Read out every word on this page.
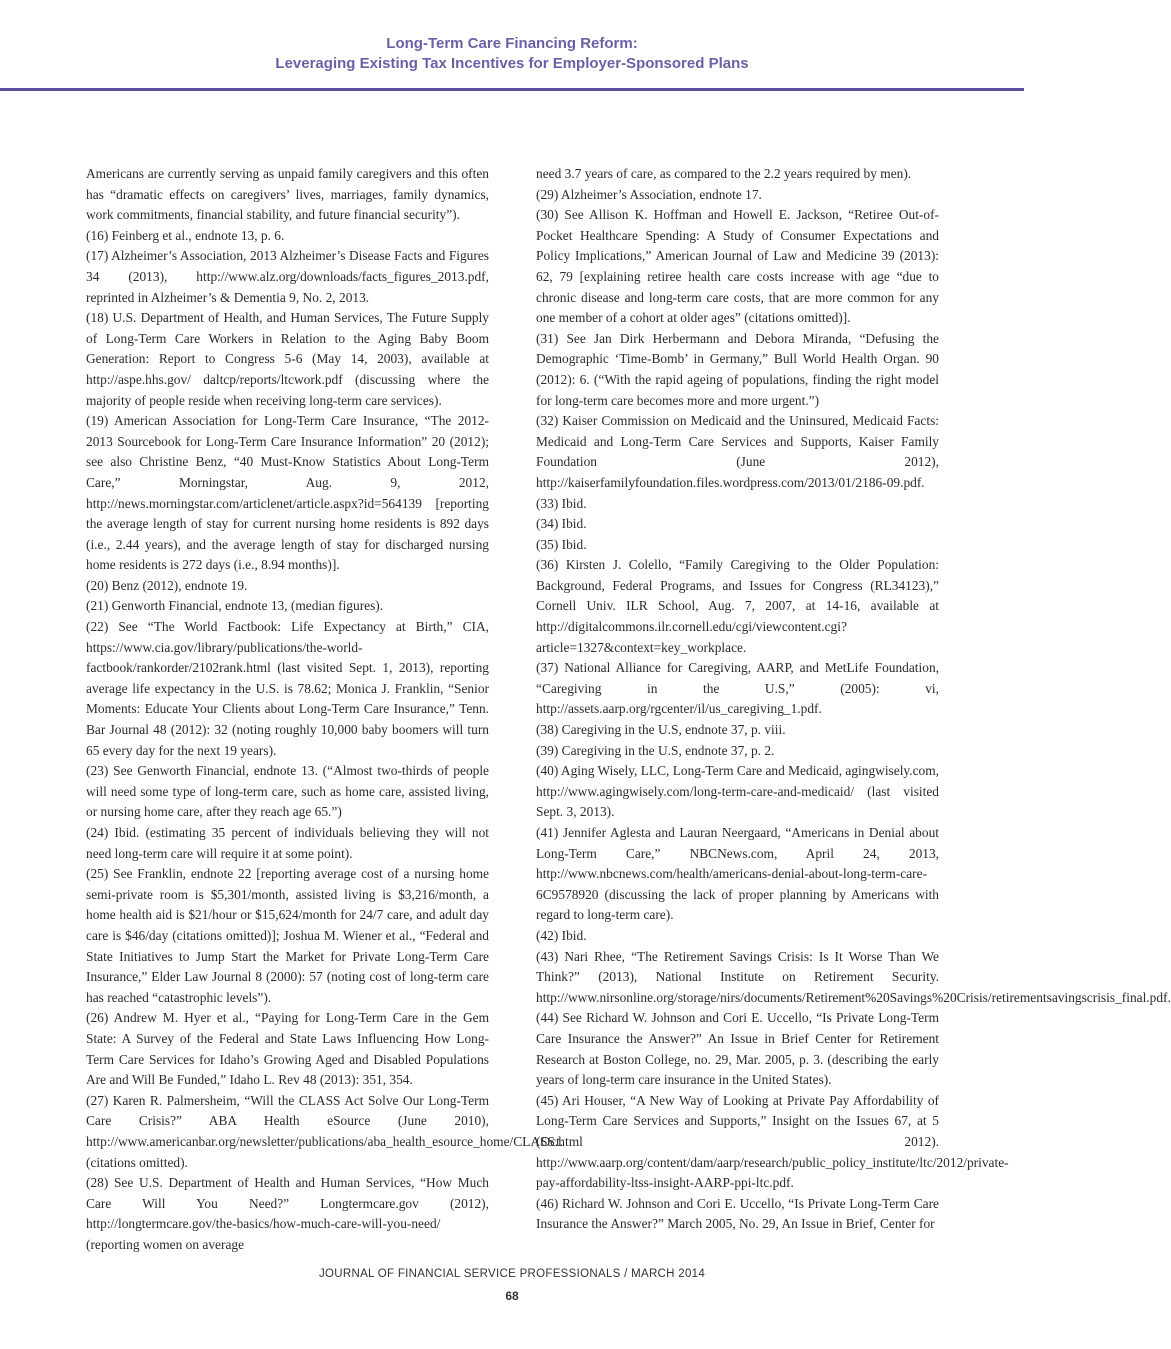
Long-Term Care Financing Reform:
Leveraging Existing Tax Incentives for Employer-Sponsored Plans

Americans are currently serving as unpaid family caregivers and this often has “dramatic effects on caregivers’ lives, marriages, family dynamics, work commitments, financial stability, and future financial security”).

(16) Feinberg et al., endnote 13, p. 6.

(17) Alzheimer’s Association, 2013 Alzheimer’s Disease Facts and Figures 34 (2013), http://www.alz.org/downloads/facts_figures_2013.pdf, reprinted in Alzheimer’s & Dementia 9, No. 2, 2013.

(18) U.S. Department of Health, and Human Services, The Future Supply of Long-Term Care Workers in Relation to the Aging Baby Boom Generation: Report to Congress 5-6 (May 14, 2003), available at http://aspe.hhs.gov/ daltcp/reports/ltcwork.pdf (discussing where the majority of people reside when receiving long-term care services).

(19) American Association for Long-Term Care Insurance, “The 2012-2013 Sourcebook for Long-Term Care Insurance Information” 20 (2012); see also Christine Benz, “40 Must-Know Statistics About Long-Term Care,” Morningstar, Aug. 9, 2012, http://news.morningstar.com/articlenet/article.aspx?id=564139 [reporting the average length of stay for current nursing home residents is 892 days (i.e., 2.44 years), and the average length of stay for discharged nursing home residents is 272 days (i.e., 8.94 months)].

(20) Benz (2012), endnote 19.

(21) Genworth Financial, endnote 13, (median figures).

(22) See “The World Factbook: Life Expectancy at Birth,” CIA, https://www.cia.gov/library/publications/the-world-factbook/rankorder/2102rank.html (last visited Sept. 1, 2013), reporting average life expectancy in the U.S. is 78.62; Monica J. Franklin, “Senior Moments: Educate Your Clients about Long-Term Care Insurance,” Tenn. Bar Journal 48 (2012): 32 (noting roughly 10,000 baby boomers will turn 65 every day for the next 19 years).

(23) See Genworth Financial, endnote 13. (“Almost two-thirds of people will need some type of long-term care, such as home care, assisted living, or nursing home care, after they reach age 65.”)

(24) Ibid. (estimating 35 percent of individuals believing they will not need long-term care will require it at some point).

(25) See Franklin, endnote 22 [reporting average cost of a nursing home semi-private room is $5,301/month, assisted living is $3,216/month, a home health aid is $21/hour or $15,624/month for 24/7 care, and adult day care is $46/day (citations omitted)]; Joshua M. Wiener et al., “Federal and State Initiatives to Jump Start the Market for Private Long-Term Care Insurance,” Elder Law Journal 8 (2000): 57 (noting cost of long-term care has reached “catastrophic levels”).

(26) Andrew M. Hyer et al., “Paying for Long-Term Care in the Gem State: A Survey of the Federal and State Laws Influencing How Long-Term Care Services for Idaho’s Growing Aged and Disabled Populations Are and Will Be Funded,” Idaho L. Rev 48 (2013): 351, 354.

(27) Karen R. Palmersheim, “Will the CLASS Act Solve Our Long-Term Care Crisis?” ABA Health eSource (June 2010), http://www.americanbar.org/newsletter/publications/aba_health_esource_home/CLASS.html (citations omitted).

(28) See U.S. Department of Health and Human Services, “How Much Care Will You Need?” Longtermcare.gov (2012), http://longtermcare.gov/the-basics/how-much-care-will-you-need/ (reporting women on average

need 3.7 years of care, as compared to the 2.2 years required by men).

(29) Alzheimer’s Association, endnote 17.

(30) See Allison K. Hoffman and Howell E. Jackson, “Retiree Out-of-Pocket Healthcare Spending: A Study of Consumer Expectations and Policy Implications,” American Journal of Law and Medicine 39 (2013): 62, 79 [explaining retiree health care costs increase with age “due to chronic disease and long-term care costs, that are more common for any one member of a cohort at older ages” (citations omitted)].

(31) See Jan Dirk Herbermann and Debora Miranda, “Defusing the Demographic ‘Time-Bomb’ in Germany,” Bull World Health Organ. 90 (2012): 6. (“With the rapid ageing of populations, finding the right model for long-term care becomes more and more urgent.”)

(32) Kaiser Commission on Medicaid and the Uninsured, Medicaid Facts: Medicaid and Long-Term Care Services and Supports, Kaiser Family Foundation (June 2012), http://kaiserfamilyfoundation.files.wordpress.com/2013/01/2186-09.pdf.

(33) Ibid.

(34) Ibid.

(35) Ibid.

(36) Kirsten J. Colello, “Family Caregiving to the Older Population: Background, Federal Programs, and Issues for Congress (RL34123),” Cornell Univ. ILR School, Aug. 7, 2007, at 14-16, available at http://digitalcommons.ilr.cornell.edu/cgi/viewcontent.cgi?article=1327&context=key_workplace.

(37) National Alliance for Caregiving, AARP, and MetLife Foundation, “Caregiving in the U.S,” (2005): vi, http://assets.aarp.org/rgcenter/il/us_caregiving_1.pdf.

(38) Caregiving in the U.S, endnote 37, p. viii.

(39) Caregiving in the U.S, endnote 37, p. 2.

(40) Aging Wisely, LLC, Long-Term Care and Medicaid, agingwisely.com, http://www.agingwisely.com/long-term-care-and-medicaid/ (last visited Sept. 3, 2013).

(41) Jennifer Aglesta and Lauran Neergaard, “Americans in Denial about Long-Term Care,” NBCNews.com, April 24, 2013, http://www.nbcnews.com/health/americans-denial-about-long-term-care-6C9578920 (discussing the lack of proper planning by Americans with regard to long-term care).

(42) Ibid.

(43) Nari Rhee, “The Retirement Savings Crisis: Is It Worse Than We Think?” (2013), National Institute on Retirement Security. http://www.nirsonline.org/storage/nirs/documents/Retirement%20Savings%20Crisis/retirementsavingscrisis_final.pdf.

(44) See Richard W. Johnson and Cori E. Uccello, “Is Private Long-Term Care Insurance the Answer?” An Issue in Brief Center for Retirement Research at Boston College, no. 29, Mar. 2005, p. 3. (describing the early years of long-term care insurance in the United States).

(45) Ari Houser, “A New Way of Looking at Private Pay Affordability of Long-Term Care Services and Supports,” Insight on the Issues 67, at 5 (Oct. 2012). http://www.aarp.org/content/dam/aarp/research/public_policy_institute/ltc/2012/private-pay-affordability-ltss-insight-AARP-ppi-ltc.pdf.

(46) Richard W. Johnson and Cori E. Uccello, “Is Private Long-Term Care Insurance the Answer?” March 2005, No. 29, An Issue in Brief, Center for

JOURNAL OF FINANCIAL SERVICE PROFESSIONALS / MARCH 2014
68
